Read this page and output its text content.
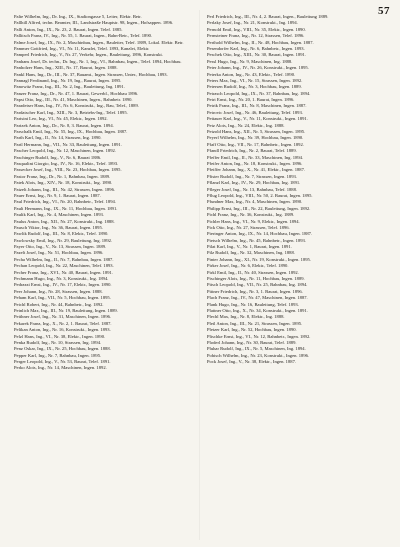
57

Palte Wilhelm, Ing., Dr. Ing., IX., Stadiongasse 5, Leiter, Elektr. Betr.

Pallhill Alfred, techn. Beamter, III., Landstraße Hauptstr. 98, Ingen., Hofsappen. 1896.

Palli Anton, Ing., IX., Nr. 23, 2. Baurat, Ingen. Telef. 1885.

Pallitsch Franz, IV., Ing., Nr. 55, 1. Baurat, Ingen., Bahn-Betr., Telef. 1890.

Palme Josef, Ing., IX., Nr. 2, Maschinbau, Ingen., Bauleiter, Telef. 1889, Lokal. Elektr. Betr.

Pammer Gottfried, Ing., VI., Nr. 11, Kanzlei, Telef. 1893, Kanzlei, Elektr.

Pamperl Friedrich, Ing., V., Nr. 27, Verkehr, Ingen., Bauleitung, 1896, Konstrukt.

Panhans Josef, Dr. techn., Dr. Ing., Nr. 1, Ing., VI., Bahnbau, Ingen., Telef. 1894, Hochbau.

Panholzer Hans, Ing., XIII., Nr. 17, Baurat, Ingen. 1888.

Pankl Hans, Ing., Dr., III., Nr. 37, Bauamt., Ingen. Strassen, Unter., Hochbau, 1893.

Pannagl Ferdinand, Ing., Nr. 19, Ing., Baurat, Ingen. 1895.

Panowitz Franz, Ing., III., Nr. 2, Ing., Bauleitung, Ing. 1891.

Panzer Franz, Ing., Dr., Nr. 47, 1. Baurat, Gewerbl., Hochbau 1896.

Papst Otto, Ing., III., Nr. 41, Maschinen, Ingen., Bahnbetr. 1890.

Paradeiser Hans, Ing., IV., Nr. 6, Konstrukt., Ing., Bau, Telef., 1889.

Pardatscher Karl, Ing., XIII., Nr. 3, Betriebs-Ing., Telef. 1895.

Parisini Leo, Ing., VI., Nr. 45, Elektr., Ingen. 1892.

Parizek Anton, Ing., Dr., Nr. 8, 3. Baurat, Ingen. 1894.

Parschalk Emil, Ing., Nr. 55, Ing., IX., Hochbau, Ingen. 1887.

Parth Karl, Ing., II., Nr. 14, Strassen, Ing. 1890.

Partl Hermann, Ing., VII., Nr. 33, Bauleitung, Ingen. 1891.

Pascher Leopold, Ing., Nr. 12, Maschinen, Ingen. 1892.

Paschinger Rudolf, Ing., V., Nr. 6, Baurat 1886.

Pasqualini Giorgio, Ing., IV., Nr. 16, Elektr., Telef. 1893.

Passecker Josef, Ing., VIII., Nr. 23, Hochbau, Ingen. 1895.

Pastor Franz, Ing., Dr., Nr. 1, Bahnbau, Ingen. 1889.

Patek Alois, Ing., XIV., Nr. 18, Konstrukt., Ing. 1890.

Patzelt Johann, Ing., III., Nr. 42, Strassen, Ingen. 1896.

Pauer Ernst, Ing., Nr. 9, 1. Baurat, Ingen. 1887.

Paul Friedrich, Ing., VI., Nr. 20, Bahnbetr., Telef. 1894.

Pauli Hermann, Ing., IX., Nr. 11, Hochbau, Ingen. 1891.

Paulik Karl, Ing., Nr. 4, Maschinen, Ingen. 1893.

Paulus Anton, Ing., XII., Nr. 27, Konstrukt., Ing. 1888.

Pausch Viktor, Ing., Nr. 36, Baurat, Ingen. 1895.

Pawlik Rudolf, Ing., III., Nr. 8, Elektr., Telef. 1890.

Pawlowsky Emil, Ing., Nr. 29, Bauleitung, Ing. 1892.

Payer Otto, Ing., V., Nr. 13, Strassen, Ingen. 1889.

Pazelt Josef, Ing., Nr. 51, Hochbau, Ingen. 1896.

Pecha Wilhelm, Ing., II., Nr. 7, Bahnbau, Ingen. 1887.

Pechan Leopold, Ing., Nr. 22, Maschinen, Telef. 1893.

Pecher Franz, Ing., XVI., Nr. 40, Baurat, Ingen. 1891.

Pechmann Hugo, Ing., Nr. 3, Konstrukt., Ing. 1894.

Pedrazzi Ernst, Ing., IV., Nr. 17, Elektr., Ingen. 1890.

Peer Johann, Ing., Nr. 28, Strassen, Ingen. 1888.

Peham Karl, Ing., VII., Nr. 5, Hochbau, Ingen. 1895.

Peichl Robert, Ing., Nr. 44, Bahnbetr., Ing. 1892.

Peinlich Max, Ing., III., Nr. 19, Bauleitung, Ingen. 1889.

Peithner Josef, Ing., Nr. 31, Maschinen, Ingen. 1896.

Pekarek Franz, Ing., X., Nr. 2, 1. Baurat, Telef. 1887.

Pelikan Anton, Ing., Nr. 16, Konstrukt., Ingen. 1893.

Pelzl Hans, Ing., VI., Nr. 38, Elektr., Ingen. 1890.

Penka Rudolf, Ing., Nr. 10, Strassen, Ing. 1894.

Penz Oskar, Ing., IX., Nr. 25, Hochbau, Ingen. 1888.

Pepper Karl, Ing., Nr. 7, Bahnbau, Ingen. 1895.

Perger Leopold, Ing., V., Nr. 53, Baurat, Telef. 1891.

Perko Alois, Ing., Nr. 14, Maschinen, Ingen. 1892.

Perl Friedrich, Ing., III., Nr. 4, 2. Baurat, Ingen., Bauleitung 1889.

Perlaky Josef, Ing., Nr. 21, Konstrukt., Ing. 1894.

Pernold Emil, Ing., VIII., Nr. 35, Elektr., Ingen. 1890.

Pernsteiner Franz, Ing., Nr. 12, Strassen, Telef. 1896.

Perthold Wilhelm, Ing., II., Nr. 48, Hochbau, Ingen. 1887.

Pesendorfer Karl, Ing., Nr. 6, Bahnbetr., Ingen. 1893.

Peschek Otto, Ing., XIII., Nr. 30, Baurat, Ingen. 1891.

Pessl Hugo, Ing., Nr. 9, Maschinen, Ing. 1888.

Peter Johann, Ing., IV., Nr. 26, Konstrukt., Ingen. 1895.

Peterka Anton, Ing., Nr. 43, Elektr., Telef. 1890.

Peters Max, Ing., VI., Nr. 15, Strassen, Ingen. 1892.

Petersen Rudolf, Ing., Nr. 3, Hochbau, Ingen. 1889.

Petrasch Leopold, Ing., IX., Nr. 37, Bahnbau, Ing. 1894.

Petri Ernst, Ing., Nr. 20, 1. Baurat, Ingen. 1896.

Petrik Franz, Ing., III., Nr. 8, Maschinen, Ingen. 1887.

Petrovic Josef, Ing., Nr. 46, Bauleitung, Telef. 1893.

Pettauer Karl, Ing., V., Nr. 11, Konstrukt., Ingen. 1891.

Petz Alois, Ing., Nr. 24, Elektr., Ing. 1888.

Petzold Hans, Ing., XII., Nr. 5, Strassen, Ingen. 1895.

Peyerl Wilhelm, Ing., Nr. 39, Hochbau, Ingen. 1890.

Pfaff Otto, Ing., VII., Nr. 17, Bahnbetr., Ingen. 1892.

Pfandl Friedrich, Ing., Nr. 2, Baurat, Telef. 1889.

Pfeffer Emil, Ing., II., Nr. 33, Maschinen, Ing. 1894.

Pfeifer Anton, Ing., Nr. 18, Konstrukt., Ingen. 1896.

Pfeiffer Johann, Ing., X., Nr. 41, Elektr., Ingen. 1887.

Pfister Rudolf, Ing., Nr. 7, Strassen, Ingen. 1893.

Pflanzl Karl, Ing., IV., Nr. 29, Hochbau, Ing. 1891.

Pfleger Josef, Ing., Nr. 13, Bahnbau, Telef. 1888.

Pflug Leopold, Ing., VIII., Nr. 50, 2. Baurat, Ingen. 1895.

Pfundner Max, Ing., Nr. 4, Maschinen, Ingen. 1890.

Philipp Ernst, Ing., III., Nr. 22, Bauleitung, Ingen. 1892.

Pichl Franz, Ing., Nr. 36, Konstrukt., Ing. 1889.

Pichler Hans, Ing., VI., Nr. 9, Elektr., Ingen. 1894.

Pick Otto, Ing., Nr. 27, Strassen, Telef. 1896.

Pieringer Anton, Ing., IX., Nr. 14, Hochbau, Ingen. 1887.

Pietsch Wilhelm, Ing., Nr. 45, Bahnbetr., Ingen. 1893.

Pilat Karl, Ing., V., Nr. 1, Baurat, Ingen. 1891.

Pilz Rudolf, Ing., Nr. 32, Maschinen, Ing. 1888.

Pinter Johann, Ing., XI., Nr. 19, Konstrukt., Ingen. 1895.

Pirker Josef, Ing., Nr. 6, Elektr., Telef. 1890.

Pirkl Emil, Ing., II., Nr. 40, Strassen, Ingen. 1892.

Pischinger Alois, Ing., Nr. 11, Hochbau, Ingen. 1889.

Pitsch Leopold, Ing., VII., Nr. 25, Bahnbau, Ing. 1894.

Pittner Friedrich, Ing., Nr. 3, 1. Baurat, Ingen. 1896.

Plach Franz, Ing., IV., Nr. 47, Maschinen, Ingen. 1887.

Plank Hugo, Ing., Nr. 16, Bauleitung, Telef. 1893.

Plattner Otto, Ing., X., Nr. 34, Konstrukt., Ingen. 1891.

Plechl Max, Ing., Nr. 8, Elektr., Ing. 1888.

Pleil Anton, Ing., III., Nr. 21, Strassen, Ingen. 1895.

Pletzer Karl, Ing., Nr. 52, Hochbau, Ingen. 1890.

Plischke Ernst, Ing., VI., Nr. 12, Bahnbetr., Ingen. 1892.

Ploderl Johann, Ing., Nr. 30, Baurat, Telef. 1889.

Pluhar Rudolf, Ing., IX., Nr. 5, Maschinen, Ing. 1894.

Pobisch Wilhelm, Ing., Nr. 23, Konstrukt., Ingen. 1896.

Pock Josef, Ing., V., Nr. 38, Elektr., Ingen. 1887.
